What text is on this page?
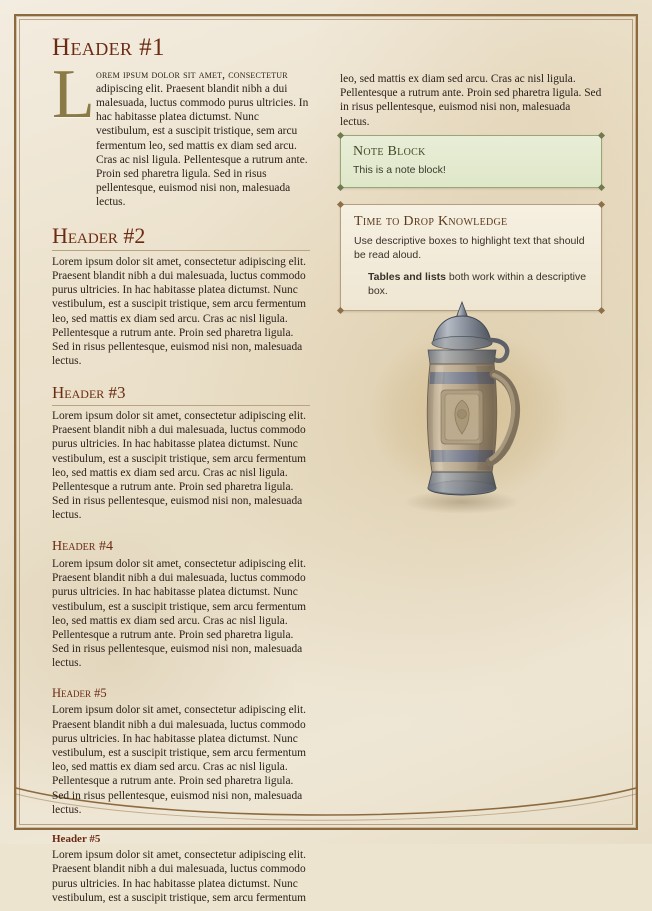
Header #1
L orem ipsum dolor sit amet, consectetur adipiscing elit. Praesent blandit nibh a dui malesuada, luctus commodo purus ultricies. In hac habitasse platea dictumst. Nunc vestibulum, est a suscipit tristique, sem arcu fermentum leo, sed mattis ex diam sed arcu. Cras ac nisl ligula. Pellentesque a rutrum ante. Proin sed pharetra ligula. Sed in risus pellentesque, euismod nisi non, malesuada lectus.
Header #2

Lorem ipsum dolor sit amet, consectetur adipiscing elit. Praesent blandit nibh a dui malesuada, luctus commodo purus ultricies. In hac habitasse platea dictumst. Nunc vestibulum, est a suscipit tristique, sem arcu fermentum leo, sed mattis ex diam sed arcu. Cras ac nisl ligula. Pellentesque a rutrum ante. Proin sed pharetra ligula. Sed in risus pellentesque, euismod nisi non, malesuada lectus.

Header #3

Lorem ipsum dolor sit amet, consectetur adipiscing elit. Praesent blandit nibh a dui malesuada, luctus commodo purus ultricies. In hac habitasse platea dictumst. Nunc vestibulum, est a suscipit tristique, sem arcu fermentum leo, sed mattis ex diam sed arcu. Cras ac nisl ligula. Pellentesque a rutrum ante. Proin sed pharetra ligula. Sed in risus pellentesque, euismod nisi non, malesuada lectus.

Header #4

Lorem ipsum dolor sit amet, consectetur adipiscing elit. Praesent blandit nibh a dui malesuada, luctus commodo purus ultricies. In hac habitasse platea dictumst. Nunc vestibulum, est a suscipit tristique, sem arcu fermentum leo, sed mattis ex diam sed arcu. Cras ac nisl ligula. Pellentesque a rutrum ante. Proin sed pharetra ligula. Sed in risus pellentesque, euismod nisi non, malesuada lectus.

Header #5

Lorem ipsum dolor sit amet, consectetur adipiscing elit. Praesent blandit nibh a dui malesuada, luctus commodo purus ultricies. In hac habitasse platea dictumst. Nunc vestibulum, est a suscipit tristique, sem arcu fermentum leo, sed mattis ex diam sed arcu. Cras ac nisl ligula. Pellentesque a rutrum ante. Proin sed pharetra ligula. Sed in risus pellentesque, euismod nisi non, malesuada lectus.

Header #5

Lorem ipsum dolor sit amet, consectetur adipiscing elit. Praesent blandit nibh a dui malesuada, luctus commodo purus ultricies. In hac habitasse platea dictumst. Nunc vestibulum, est a suscipit tristique, sem arcu fermentum

leo, sed mattis ex diam sed arcu. Cras ac nisl ligula. Pellentesque a rutrum ante. Proin sed pharetra ligula. Sed in risus pellentesque, euismod nisi non, malesuada lectus.

Note Block

This is a note block!

Time to Drop Knowledge

Use descriptive boxes to highlight text that should be read aloud.

Tables and lists both work within a descriptive box.
